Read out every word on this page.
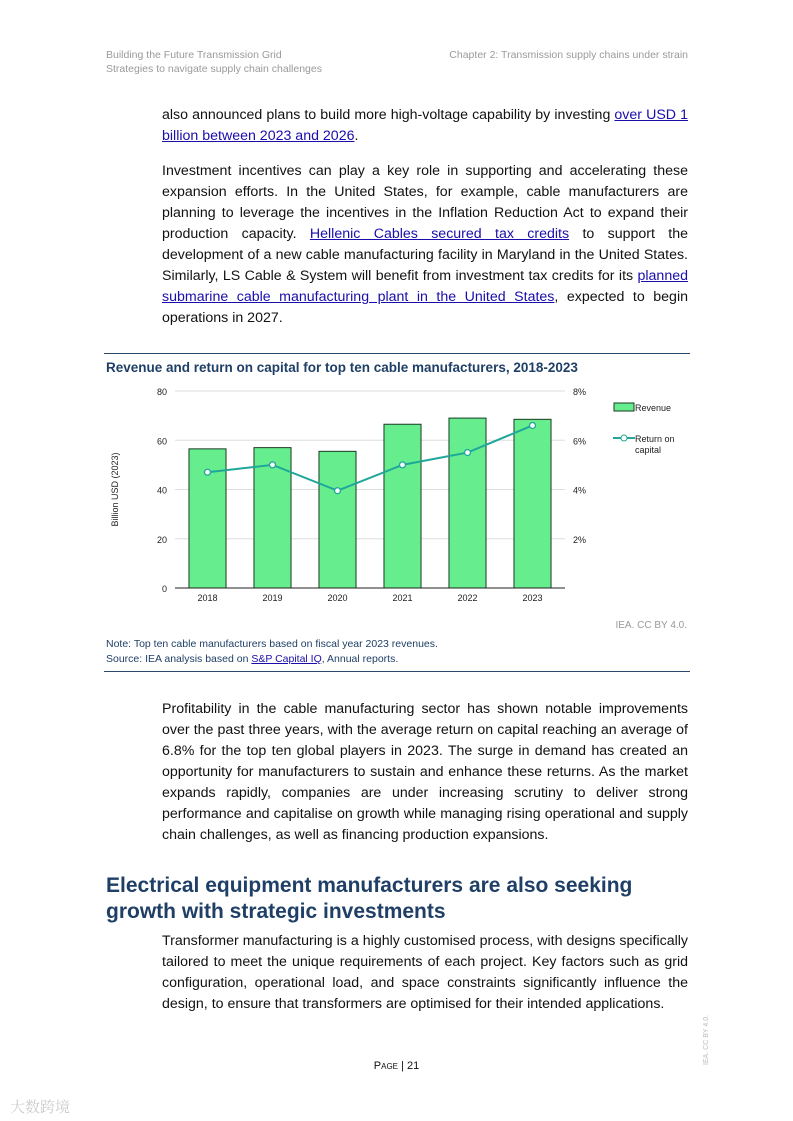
Building the Future Transmission Grid
Strategies to navigate supply chain challenges
Chapter 2: Transmission supply chains under strain

also announced plans to build more high-voltage capability by investing over USD 1 billion between 2023 and 2026.

Investment incentives can play a key role in supporting and accelerating these expansion efforts. In the United States, for example, cable manufacturers are planning to leverage the incentives in the Inflation Reduction Act to expand their production capacity. Hellenic Cables secured tax credits to support the development of a new cable manufacturing facility in Maryland in the United States. Similarly, LS Cable & System will benefit from investment tax credits for its planned submarine cable manufacturing plant in the United States, expected to begin operations in 2027.

Revenue and return on capital for top ten cable manufacturers, 2018-2023
0
20
40
60
80
2%
4%
6%
8%
Billion USD (2023)
2018	2019	2020	2021	2022	2023
Revenue
Return on
capital
IEA. CC BY 4.0.
Note: Top ten cable manufacturers based on fiscal year 2023 revenues.
Source: IEA analysis based on S&P Capital IQ, Annual reports.
Profitability in the cable manufacturing sector has shown notable improvements over the past three years, with the average return on capital reaching an average of 6.8% for the top ten global players in 2023. The surge in demand has created an opportunity for manufacturers to sustain and enhance these returns. As the market expands rapidly, companies are under increasing scrutiny to deliver strong performance and capitalise on growth while managing rising operational and supply chain challenges, as well as financing production expansions.
Electrical equipment manufacturers are also seeking growth with strategic investments
Transformer manufacturing is a highly customised process, with designs specifically tailored to meet the unique requirements of each project. Key factors such as grid configuration, operational load, and space constraints significantly influence the design, to ensure that transformers are optimised for their intended applications.
Page | 21
IEA. CC BY 4.0.
大数跨境
